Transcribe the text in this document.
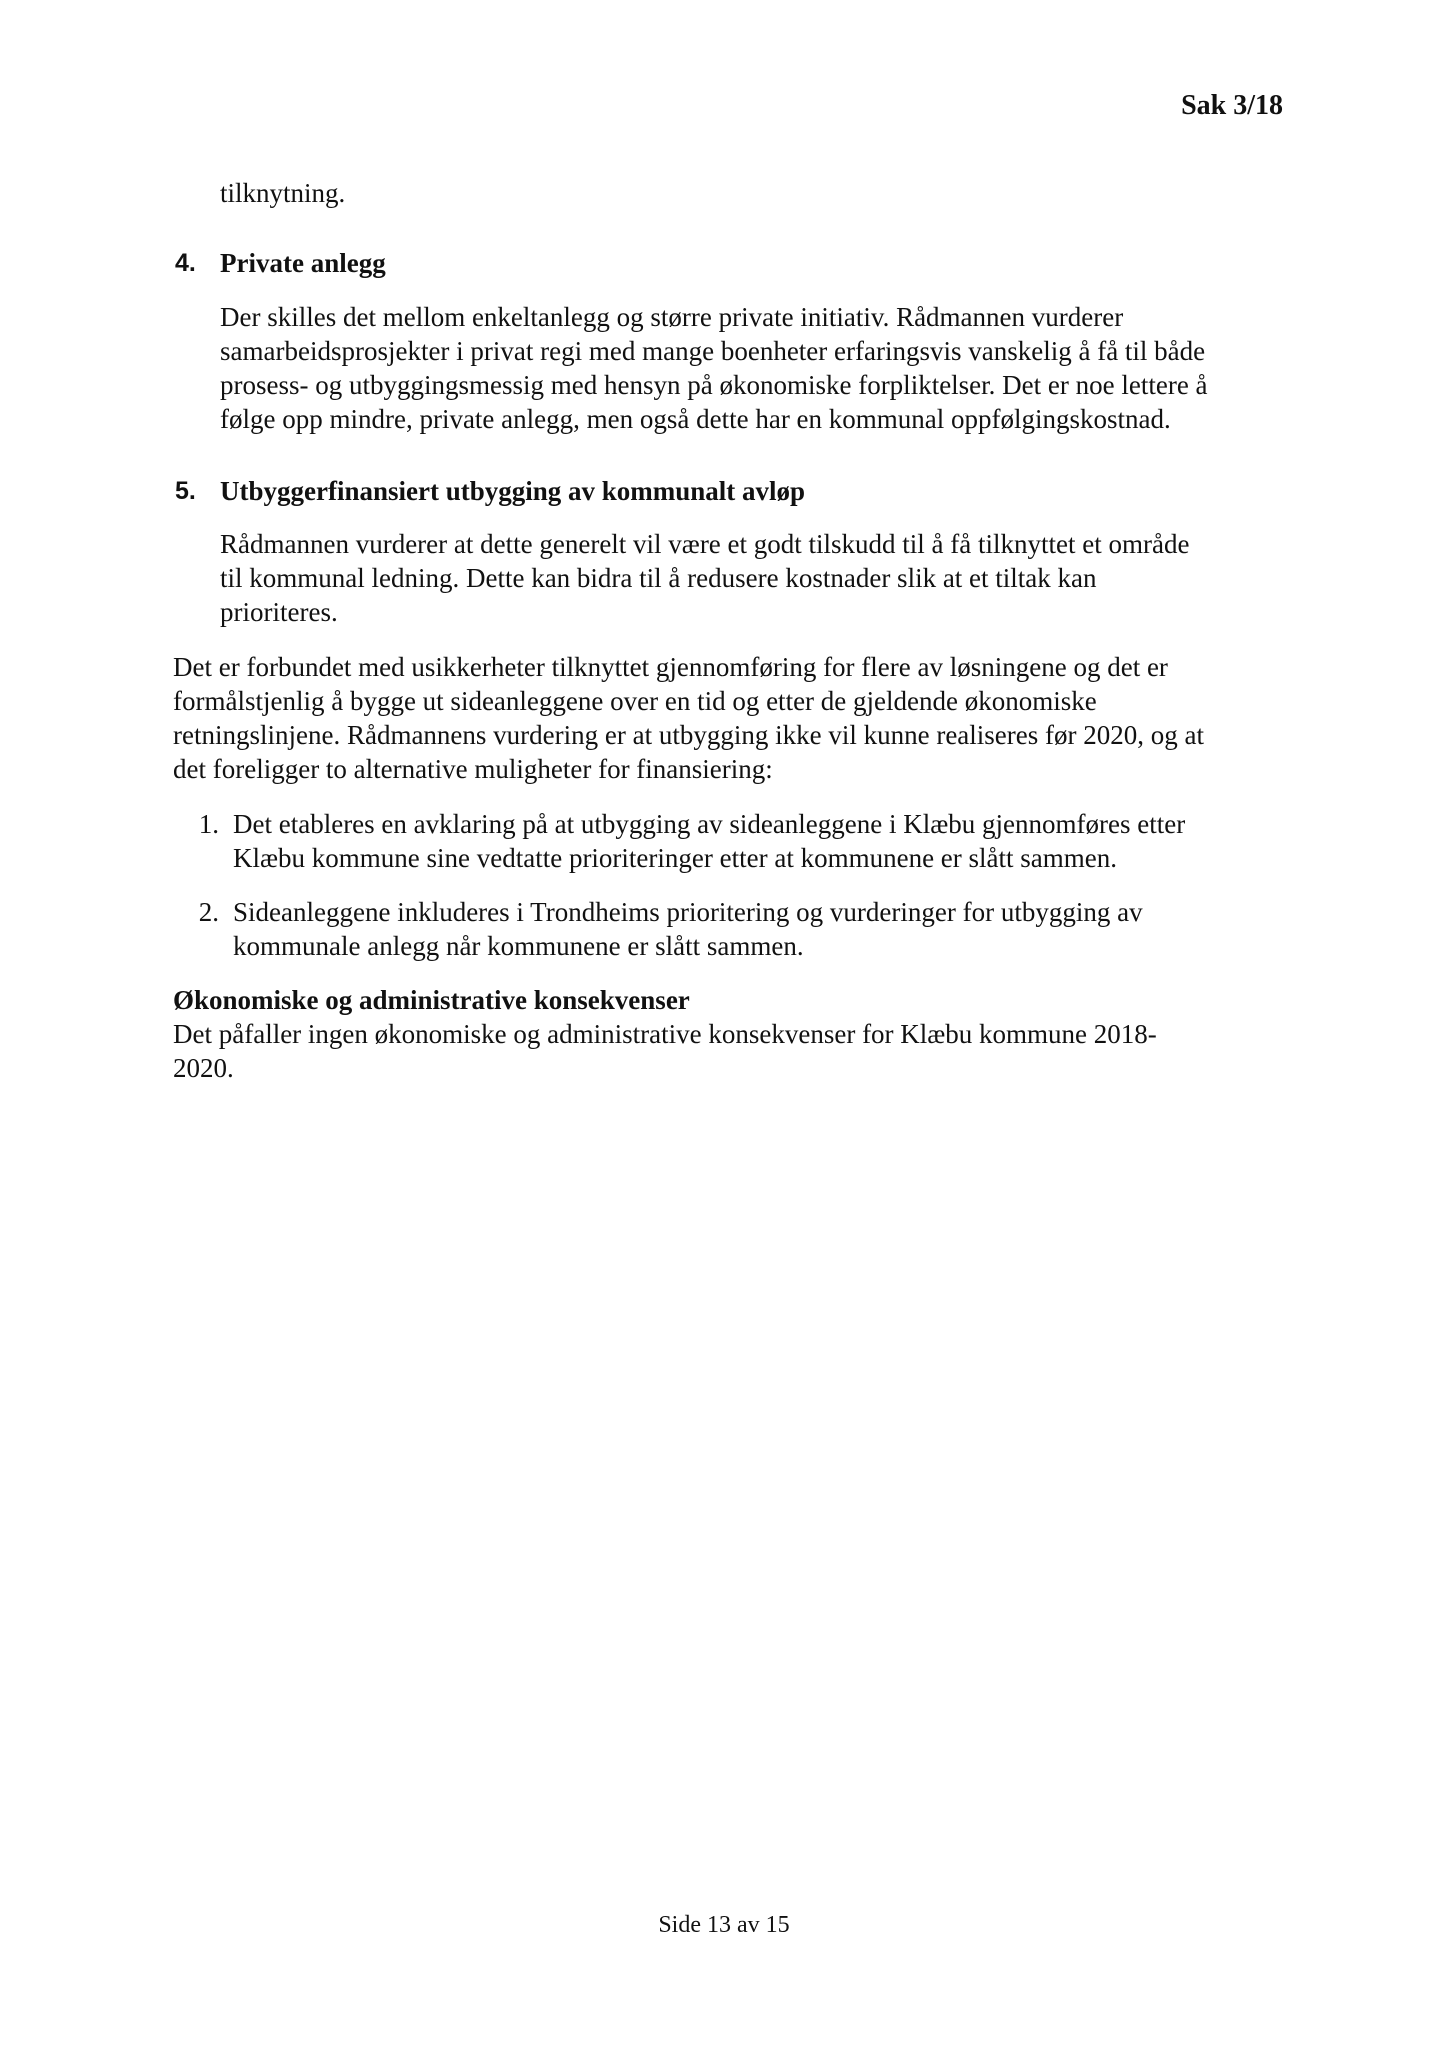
Sak 3/18

tilknytning.

4. Private anlegg
Der skilles det mellom enkeltanlegg og større private initiativ. Rådmannen vurderer
samarbeidsprosjekter i privat regi med mange boenheter erfaringsvis vanskelig å få til både
prosess- og utbyggingsmessig med hensyn på økonomiske forpliktelser. Det er noe lettere å
følge opp mindre, private anlegg, men også dette har en kommunal oppfølgingskostnad.
5. Utbyggerfinansiert utbygging av kommunalt avløp
Rådmannen vurderer at dette generelt vil være et godt tilskudd til å få tilknyttet et område
til kommunal ledning. Dette kan bidra til å redusere kostnader slik at et tiltak kan
prioriteres.
Det er forbundet med usikkerheter tilknyttet gjennomføring for flere av løsningene og det er
formålstjenlig å bygge ut sideanleggene over en tid og etter de gjeldende økonomiske
retningslinjene. Rådmannens vurdering er at utbygging ikke vil kunne realiseres før 2020, og at
det foreligger to alternative muligheter for finansiering:
1. Det etableres en avklaring på at utbygging av sideanleggene i Klæbu gjennomføres etter
Klæbu kommune sine vedtatte prioriteringer etter at kommunene er slått sammen.
2. Sideanleggene inkluderes i Trondheims prioritering og vurderinger for utbygging av
kommunale anlegg når kommunene er slått sammen.
Økonomiske og administrative konsekvenser
Det påfaller ingen økonomiske og administrative konsekvenser for Klæbu kommune 2018-
2020.
Side 13 av 15
